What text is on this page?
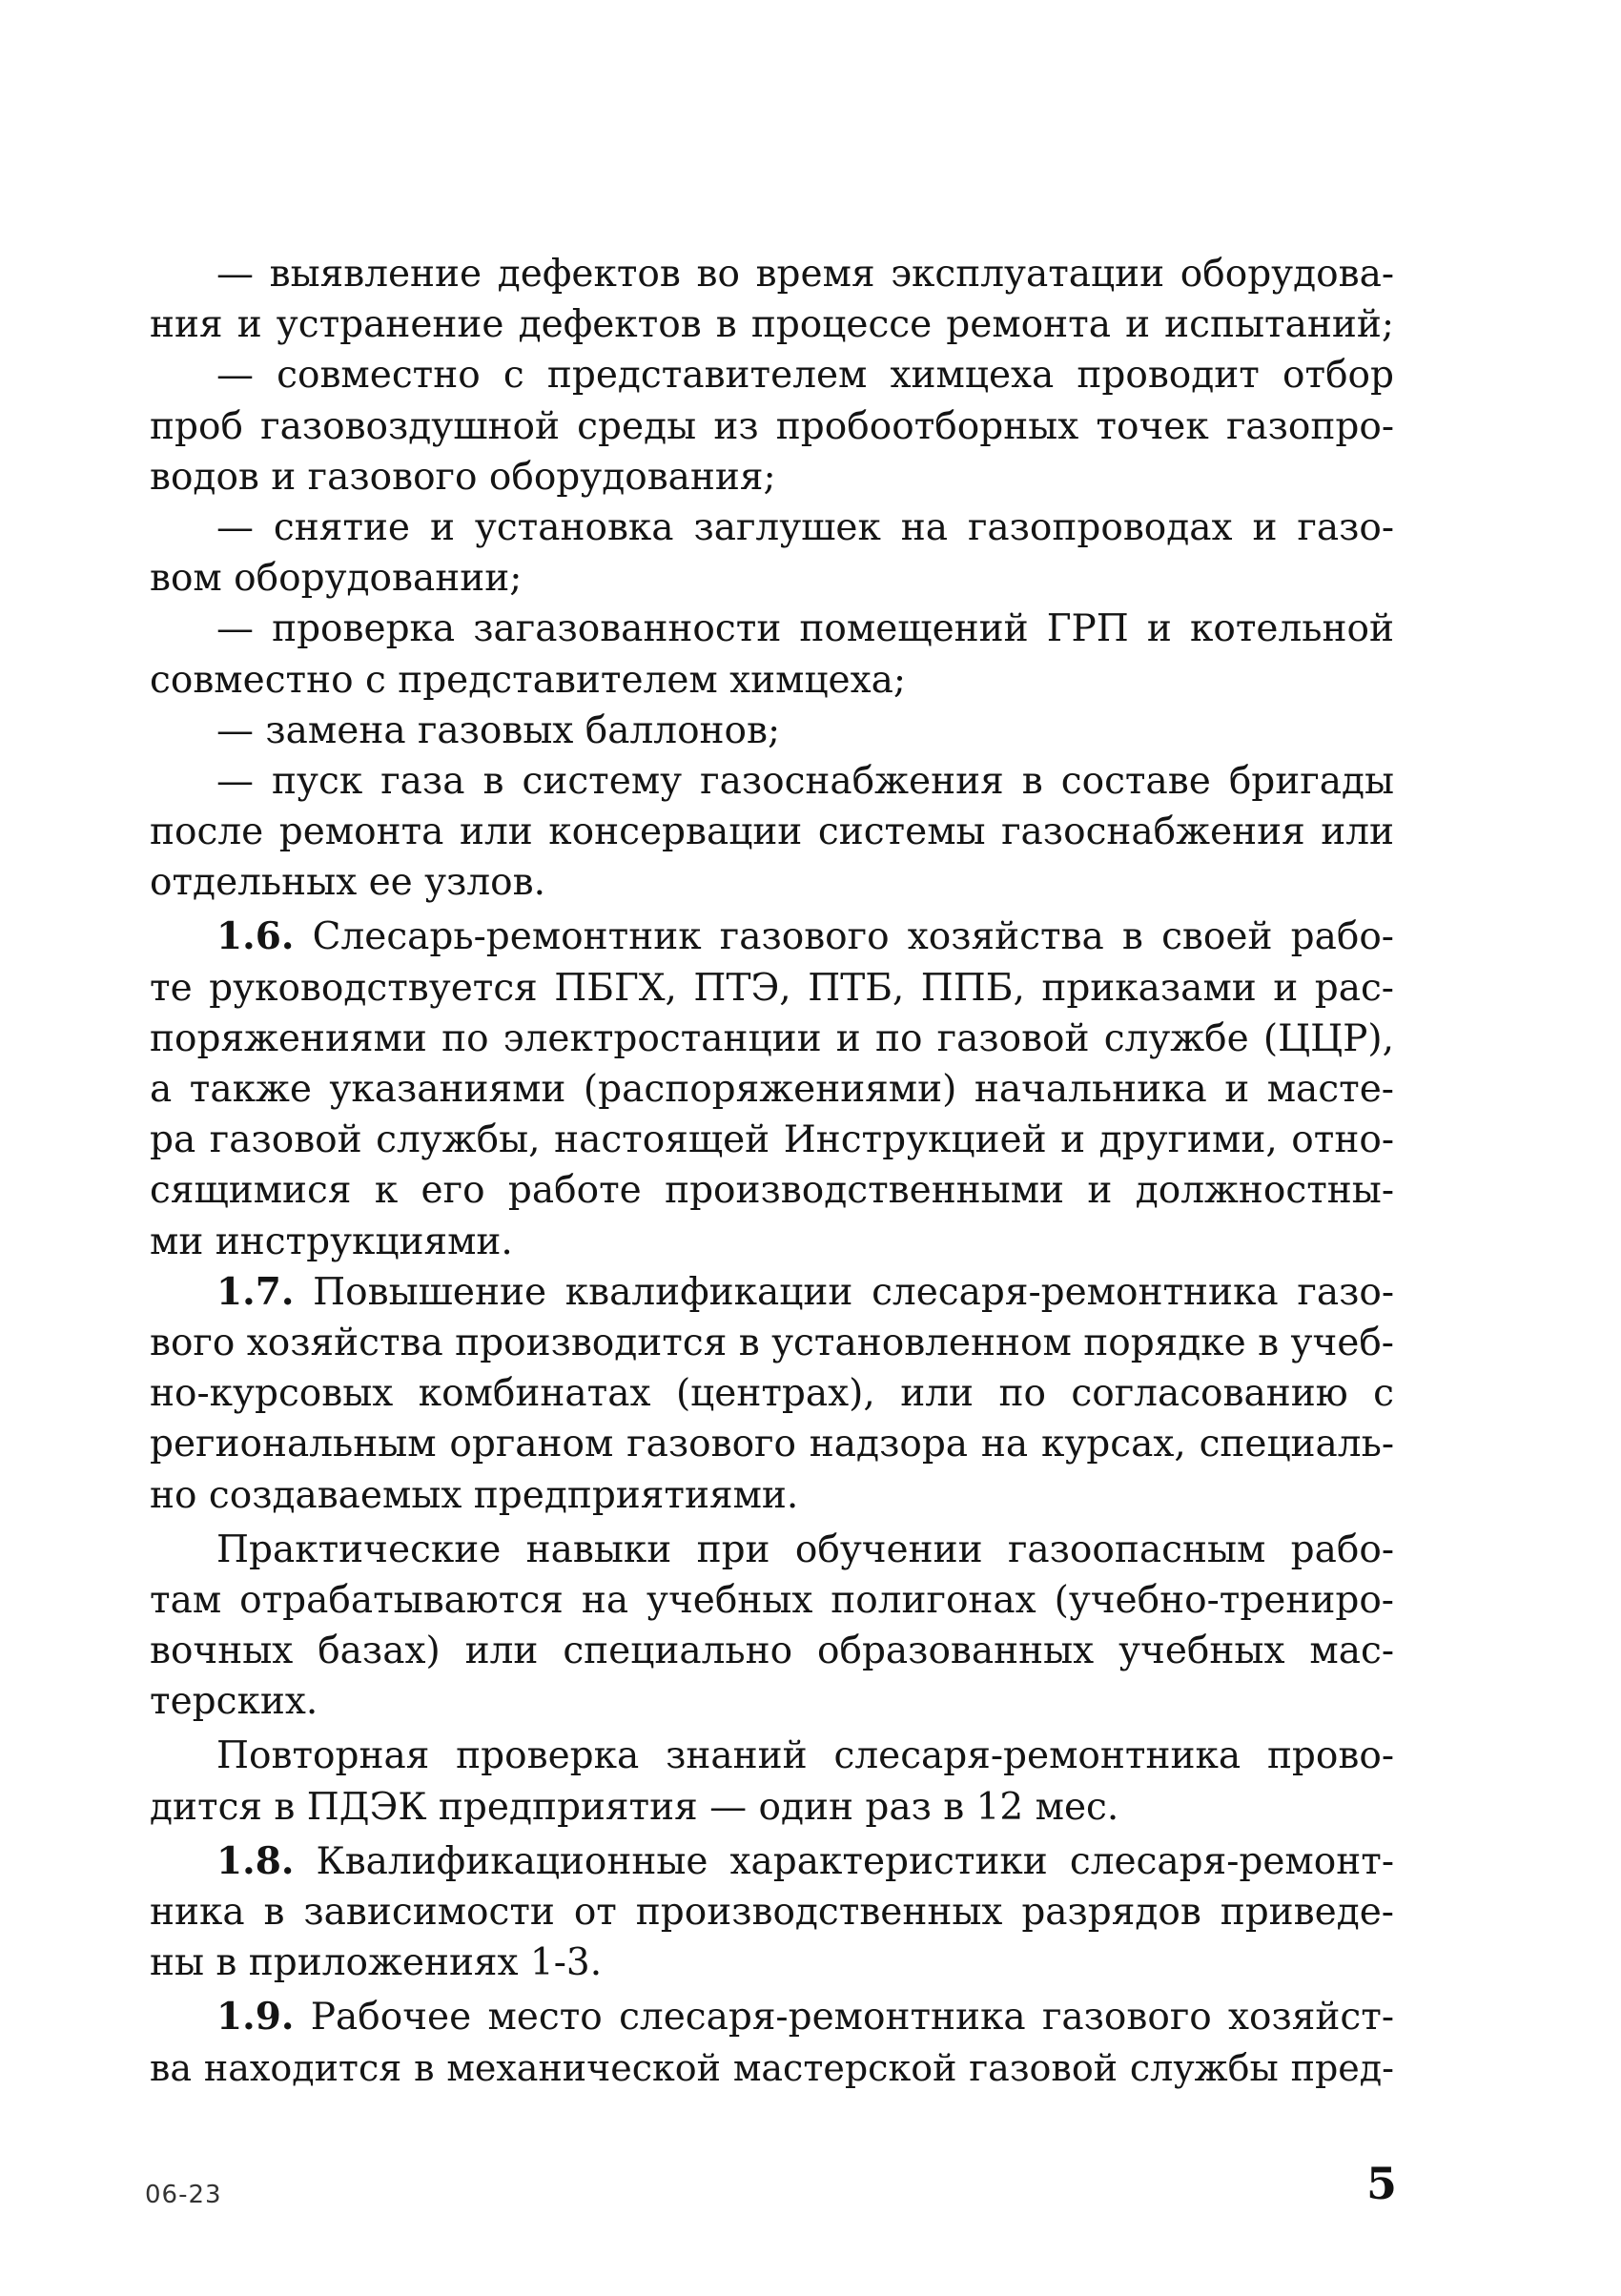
— выявление дефектов во время эксплуатации оборудова-
ния и устранение дефектов в процессе ремонта и испытаний;
— совместно с представителем химцеха проводит отбор
проб газовоздушной среды из пробоотборных точек газопро-
водов и газового оборудования;
— снятие и установка заглушек на газопроводах и газо-
вом оборудовании;
— проверка загазованности помещений ГРП и котельной
совместно с представителем химцеха;
— замена газовых баллонов;
— пуск газа в систему газоснабжения в составе бригады
после ремонта или консервации системы газоснабжения или
отдельных ее узлов.
1.6. Слесарь-ремонтник газового хозяйства в своей рабо-
те руководствуется ПБГХ, ПТЭ, ПТБ, ППБ, приказами и рас-
поряжениями по электростанции и по газовой службе (ЦЦР),
а также указаниями (распоряжениями) начальника и масте-
ра газовой службы, настоящей Инструкцией и другими, отно-
сящимися к его работе производственными и должностны-
ми инструкциями.
1.7. Повышение квалификации слесаря-ремонтника газо-
вого хозяйства производится в установленном порядке в учеб-
но-курсовых комбинатах (центрах), или по согласованию с
региональным органом газового надзора на курсах, специаль-
но создаваемых предприятиями.
Практические навыки при обучении газоопасным рабо-
там отрабатываются на учебных полигонах (учебно-трениро-
вочных базах) или специально образованных учебных мас-
терских.
Повторная проверка знаний слесаря-ремонтника прово-
дится в ПДЭК предприятия — один раз в 12 мес.
1.8. Квалификационные характеристики слесаря-ремонт-
ника в зависимости от производственных разрядов приведе-
ны в приложениях 1-3.
1.9. Рабочее место слесаря-ремонтника газового хозяйст-
ва находится в механической мастерской газовой службы пред-
06-23	5
